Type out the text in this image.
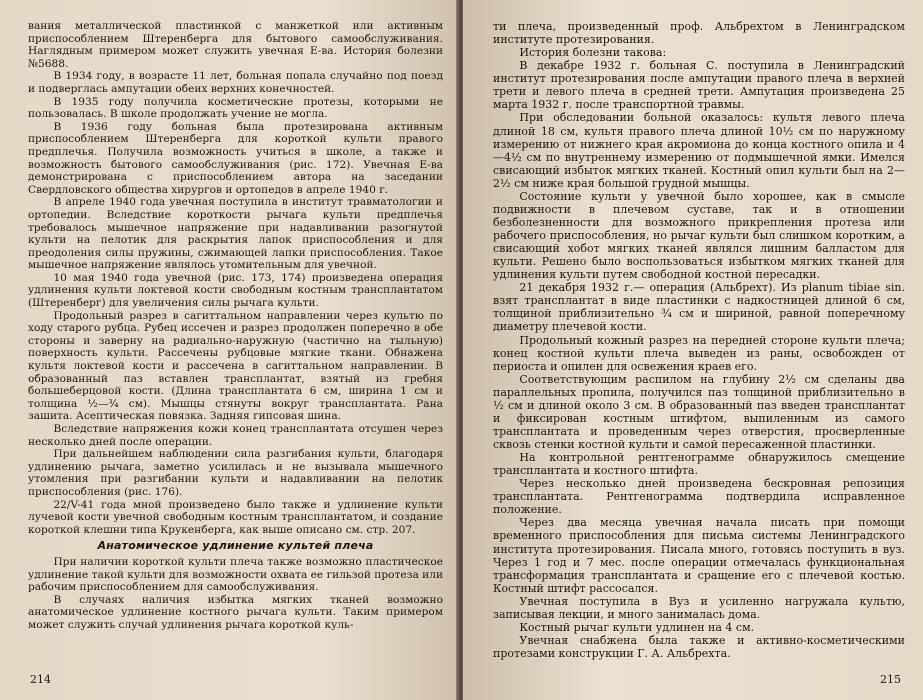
вания металлической пластинкой с манжеткой или активным приспособлением Штеренберга для бытового самообслуживания. Наглядным примером может служить увечная Е-ва. История болезни №5688.

В 1934 году, в возрасте 11 лет, больная попала случайно под поезд и подверглась ампутации обеих верхних конечностей.

В 1935 году получила косметические протезы, которыми не пользовалась. В школе продолжать учение не могла.

В 1936 году больная была протезирована активным приспособлением Штеренберга для короткой культи правого предплечья. Получила возможность учиться в школе, а также и возможность бытового самообслуживания (рис. 172). Увечная Е-ва демонстрирована с приспособлением автора на заседании Свердловского общества хирургов и ортопедов в апреле 1940 г.

В апреле 1940 года увечная поступила в институт травматологии и ортопедии. Вследствие короткости рычага культи предплечья требовалось мышечное напряжение при надавливании разогнутой культи на пелотик для раскрытия лапок приспособления и для преодоления силы пружины, сжимающей лапки приспособления. Такое мышечное напряжение являлось утомительным для увечной.

10 мая 1940 года увечной (рис. 173, 174) произведена операция удлинения культи локтевой кости свободным костным трансплантатом (Штеренберг) для увеличения силы рычага культи.

Продольный разрез в сагиттальном направлении через культю по ходу старого рубца. Рубец иссечен и разрез продолжен поперечно в обе стороны и заверну на радиально-наружную (частично на тыльную) поверхность культи. Рассечены рубцовые мягкие ткани. Обнажена культя локтевой кости и рассечена в сагиттальном направлении. В образованный паз вставлен трансплантат, взятый из гребня большеберцовой кости. (Длина трансплантата 6 см, ширина 1 см и толщина ½—¾ см). Мышцы стянуты вокруг трансплантата. Рана зашита. Асептическая повязка. Задняя гипсовая шина.

Вследствие напряжения кожи конец трансплантата отсушен через несколько дней после операции.

При дальнейшем наблюдении сила разгибания культи, благодаря удлинению рычага, заметно усилилась и не вызывала мышечного утомления при разгибании культи и надавливании на пелотик приспособления (рис. 176).

22/V-41 года мной произведено было также и удлинение культи лучевой кости увечной свободным костным трансплантатом, и создание короткой клешни типа Крукенберга, как выше описано см. стр. 207.

Анатомическое удлинение культей плеча

При наличии короткой культи плеча также возможно пластическое удлинение такой культи для возможности охвата ее гильзой протеза или рабочим приспособлением для самообслуживания.

В случаях наличия избытка мягких тканей возможно анатомическое удлинение костного рычага культи. Таким примером может служить случай удлинения рычага короткой куль-

214

ти плеча, произведенный проф. Альбрехтом в Ленинградском институте протезирования.

История болезни такова:

В декабре 1932 г. больная С. поступила в Ленинградский институт протезирования после ампутации правого плеча в верхней трети и левого плеча в средней трети. Ампутация произведена 25 марта 1932 г. после транспортной травмы.

При обследовании больной оказалось: культя левого плеча длиной 18 см, культя правого плеча длиной 10½ см по наружному измерению от нижнего края акромиона до конца костного опила и 4—4½ см по внутреннему измерению от подмышечной ямки. Имелся свисающий избыток мягких тканей. Костный опил культи был на 2—2½ см ниже края большой грудной мышцы.

Состояние культи у увечной было хорошее, как в смысле подвижности в плечевом суставе, так и в отношении безболезненности для возможного прикрепления протеза или рабочего приспособления, но рычаг культи был слишком коротким, а свисающий хобот мягких тканей являлся лишним балластом для культи. Решено было воспользоваться избытком мягких тканей для удлинения культи путем свободной костной пересадки.

21 декабря 1932 г.— операция (Альбрехт). Из planum tibiae sin. взят трансплантат в виде пластинки с надкостницей длиной 6 см, толщиной приблизительно ¾ см и шириной, равной поперечному диаметру плечевой кости.

Продольный кожный разрез на передней стороне культи плеча; конец костной культи плеча выведен из раны, освобожден от периоста и опилен для освежения краев его.

Соответствующим распилом на глубину 2½ см сделаны два параллельных пропила, получился паз толщиной приблизительно в ½ см и длиной около 3 см. В образованный паз введен трансплантат и фиксирован костным штифтом, выпиленным из самого трансплантата и проведенным через отверстия, просверленные сквозь стенки костной культи и самой пересаженной пластинки.

На контрольной рентгенограмме обнаружилось смещение трансплантата и костного штифта.

Через несколько дней произведена бескровная репозиция трансплантата. Рентгенограмма подтвердила исправленное положение.

Через два месяца увечная начала писать при помощи временного приспособления для письма системы Ленинградского института протезирования. Писала много, готовясь поступить в вуз. Через 1 год и 7 мес. после операции отмечалась функциональная трансформация трансплантата и сращение его с плечевой костью. Костный штифт рассосался.

Увечная поступила в Вуз и усиленно нагружала культю, записывая лекции, и много занималась дома.

Костный рычаг культи удлинен на 4 см.

Увечная снабжена была также и активно-косметическими протезами конструкции Г. А. Альбрехта.

215
